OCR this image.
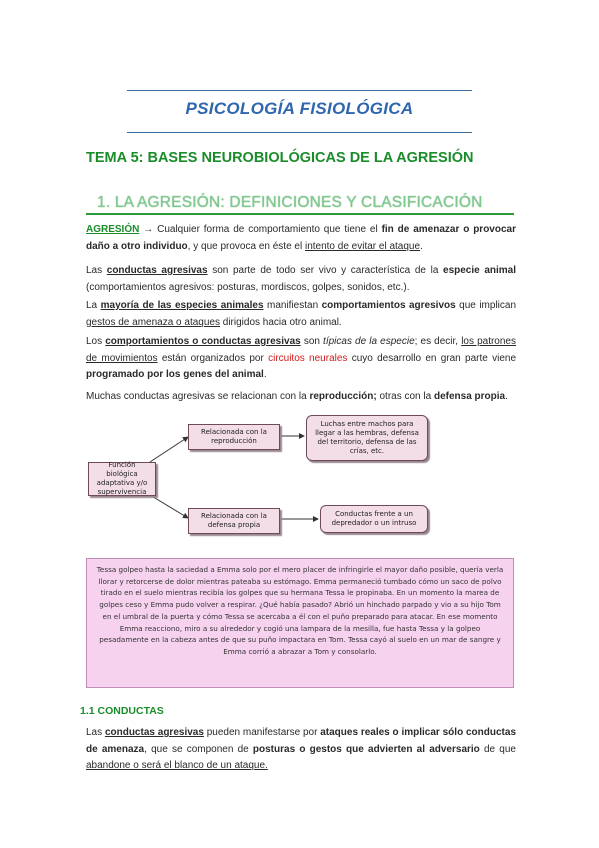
PSICOLOGÍA FISIOLÓGICA
TEMA 5: BASES NEUROBIOLÓGICAS DE LA AGRESIÓN
1. LA AGRESIÓN: DEFINICIONES Y CLASIFICACIÓN
AGRESIÓN → Cualquier forma de comportamiento que tiene el fin de amenazar o provocar daño a otro individuo, y que provoca en éste el intento de evitar el ataque.
Las conductas agresivas son parte de todo ser vivo y característica de la especie animal (comportamientos agresivos: posturas, mordiscos, golpes, sonidos, etc.).
La mayoría de las especies animales manifiestan comportamientos agresivos que implican gestos de amenaza o ataques dirigidos hacia otro animal.
Los comportamientos o conductas agresivas son típicas de la especie; es decir, los patrones de movimientos están organizados por circuitos neurales cuyo desarrollo en gran parte viene programado por los genes del animal.
Muchas conductas agresivas se relacionan con la reproducción; otras con la defensa propia.
Función biológica adaptativa y/o supervivencia
Relacionada con la reproducción
Relacionada con la defensa propia
Luchas entre machos para llegar a las hembras, defensa del territorio, defensa de las crías, etc.
Conductas frente a un depredador o un intruso
Tessa golpeo hasta la saciedad a Emma solo por el mero placer de infringirle el mayor daño posible, quería verla llorar y retorcerse de dolor mientras pateaba su estómago. Emma permaneció tumbado cómo un saco de polvo tirado en el suelo mientras recibía los golpes que su hermana Tessa le propinaba. En un momento la marea de golpes ceso y Emma pudo volver a respirar. ¿Qué había pasado? Abrió un hinchado parpado y vio a su hijo Tom en el umbral de la puerta y cómo Tessa se acercaba a él con el puño preparado para atacar. En ese momento Emma reacciono, miro a su alrededor y cogió una lampara de la mesilla, fue hasta Tessa y la golpeo pesadamente en la cabeza antes de que su puño impactara en Tom. Tessa cayó al suelo en un mar de sangre y Emma corrió a abrazar a Tom y consolarlo.
1.1 CONDUCTAS
Las conductas agresivas pueden manifestarse por ataques reales o implicar sólo conductas de amenaza, que se componen de posturas o gestos que advierten al adversario de que abandone o será el blanco de un ataque.
